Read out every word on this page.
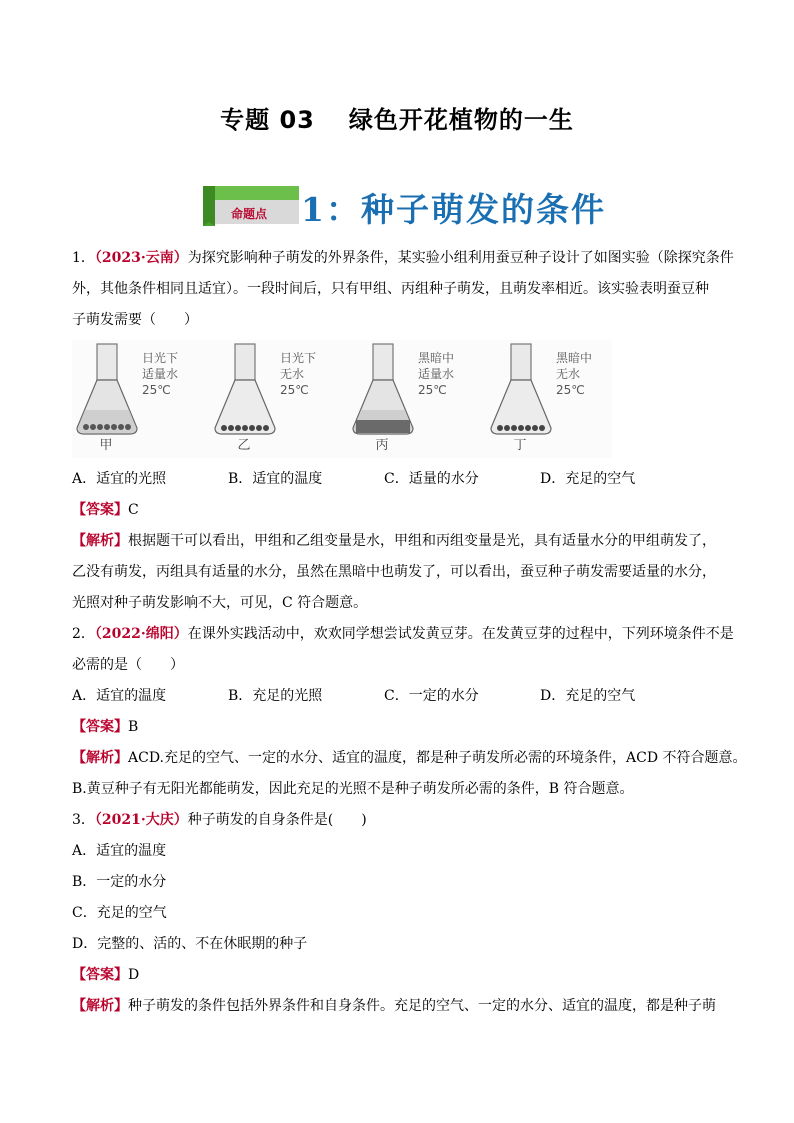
专题 03 绿色开花植物的一生
命题点 1：种子萌发的条件
1．（2023·云南）为探究影响种子萌发的外界条件，某实验小组利用蚕豆种子设计了如图实验（除探究条件
外，其他条件相同且适宜）。一段时间后，只有甲组、丙组种子萌发，且萌发率相近。该实验表明蚕豆种
子萌发需要（　　）
日光下
适量水
25℃
甲
日光下
无水
25℃
乙
黑暗中
适量水
25℃
丙
黑暗中
无水
25℃
丁
A．适宜的光照	B．适宜的温度	C．适量的水分	D．充足的空气
【答案】C
【解析】根据题干可以看出，甲组和乙组变量是水，甲组和丙组变量是光，具有适量水分的甲组萌发了，
乙没有萌发，丙组具有适量的水分，虽然在黑暗中也萌发了，可以看出，蚕豆种子萌发需要适量的水分，
光照对种子萌发影响不大，可见，C 符合题意。
2．（2022·绵阳）在课外实践活动中，欢欢同学想尝试发黄豆芽。在发黄豆芽的过程中，下列环境条件不是
必需的是（　　）
A．适宜的温度	B．充足的光照	C．一定的水分	D．充足的空气
【答案】B
【解析】ACD.充足的空气、一定的水分、适宜的温度，都是种子萌发所必需的环境条件，ACD 不符合题意。
B.黄豆种子有无阳光都能萌发，因此充足的光照不是种子萌发所必需的条件，B 符合题意。
3．（2021·大庆）种子萌发的自身条件是(　　)
A．适宜的温度
B．一定的水分
C．充足的空气
D．完整的、活的、不在休眠期的种子
【答案】D
【解析】种子萌发的条件包括外界条件和自身条件。充足的空气、一定的水分、适宜的温度，都是种子萌
